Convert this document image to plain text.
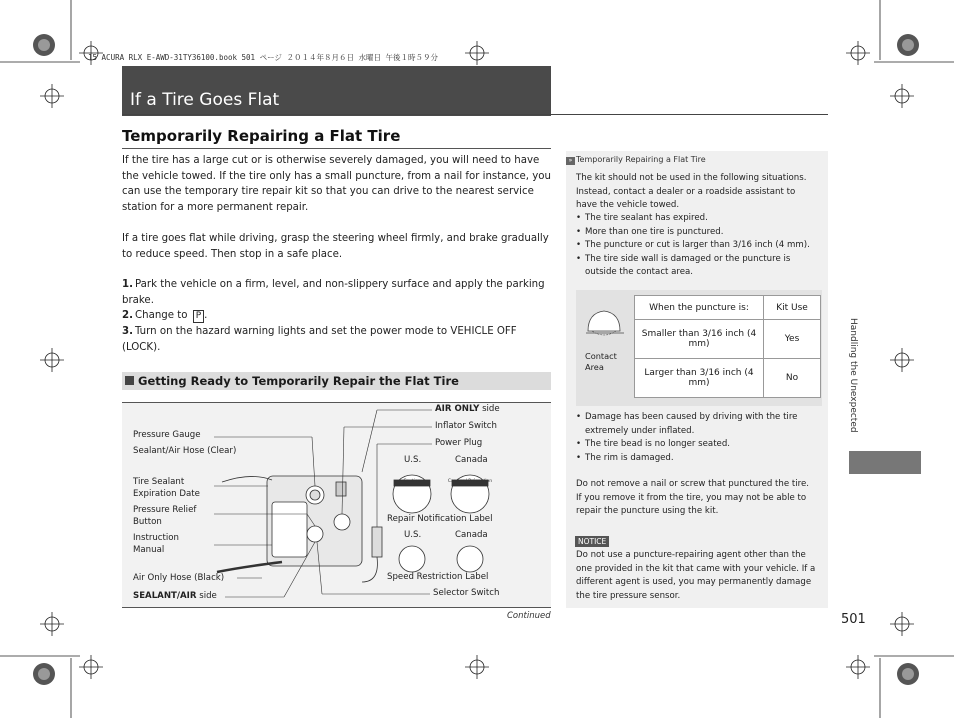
15 ACURA RLX E-AWD-31TY36100.book 501 ページ ２０１４年８月６日 水曜日 午後１時５９分
If a Tire Goes Flat
Temporarily Repairing a Flat Tire
If the tire has a large cut or is otherwise severely damaged, you will need to have the vehicle towed. If the tire only has a small puncture, from a nail for instance, you can use the temporary tire repair kit so that you can drive to the nearest service station for a more permanent repair.
If a tire goes flat while driving, grasp the steering wheel firmly, and brake gradually to reduce speed. Then stop in a safe place.
1. Park the vehicle on a firm, level, and non-slippery surface and apply the parking brake.
2. Change to P .
3. Turn on the hazard warning lights and set the power mode to VEHICLE OFF (LOCK).
Getting Ready to Temporarily Repair the Flat Tire
Caution	Caution/ Précaution
Pressure Gauge
Sealant/Air Hose (Clear)
Tire Sealant
Expiration Date
Pressure Relief
Button
Instruction
Manual
Air Only Hose (Black)
SEALANT/AIR side
AIR ONLY side
Inflator Switch
Power Plug
U.S.	Canada
Repair Notification Label
U.S.	Canada
Speed Restriction Label
Selector Switch
Continued
» Temporarily Repairing a Flat Tire
The kit should not be used in the following situations. Instead, contact a dealer or a roadside assistant to have the vehicle towed.
• The tire sealant has expired.
• More than one tire is punctured.
• The puncture or cut is larger than 3/16 inch (4 mm).
• The tire side wall is damaged or the puncture is outside the contact area.
Contact Area
When the puncture is:	Kit Use
Smaller than 3/16 inch (4 mm)	Yes
Larger than 3/16 inch (4 mm)	No
• Damage has been caused by driving with the tire extremely under inflated.
• The tire bead is no longer seated.
• The rim is damaged.
Do not remove a nail or screw that punctured the tire. If you remove it from the tire, you may not be able to repair the puncture using the kit.
NOTICE
Do not use a puncture-repairing agent other than the one provided in the kit that came with your vehicle. If a different agent is used, you may permanently damage the tire pressure sensor.
Handling the Unexpected
501
